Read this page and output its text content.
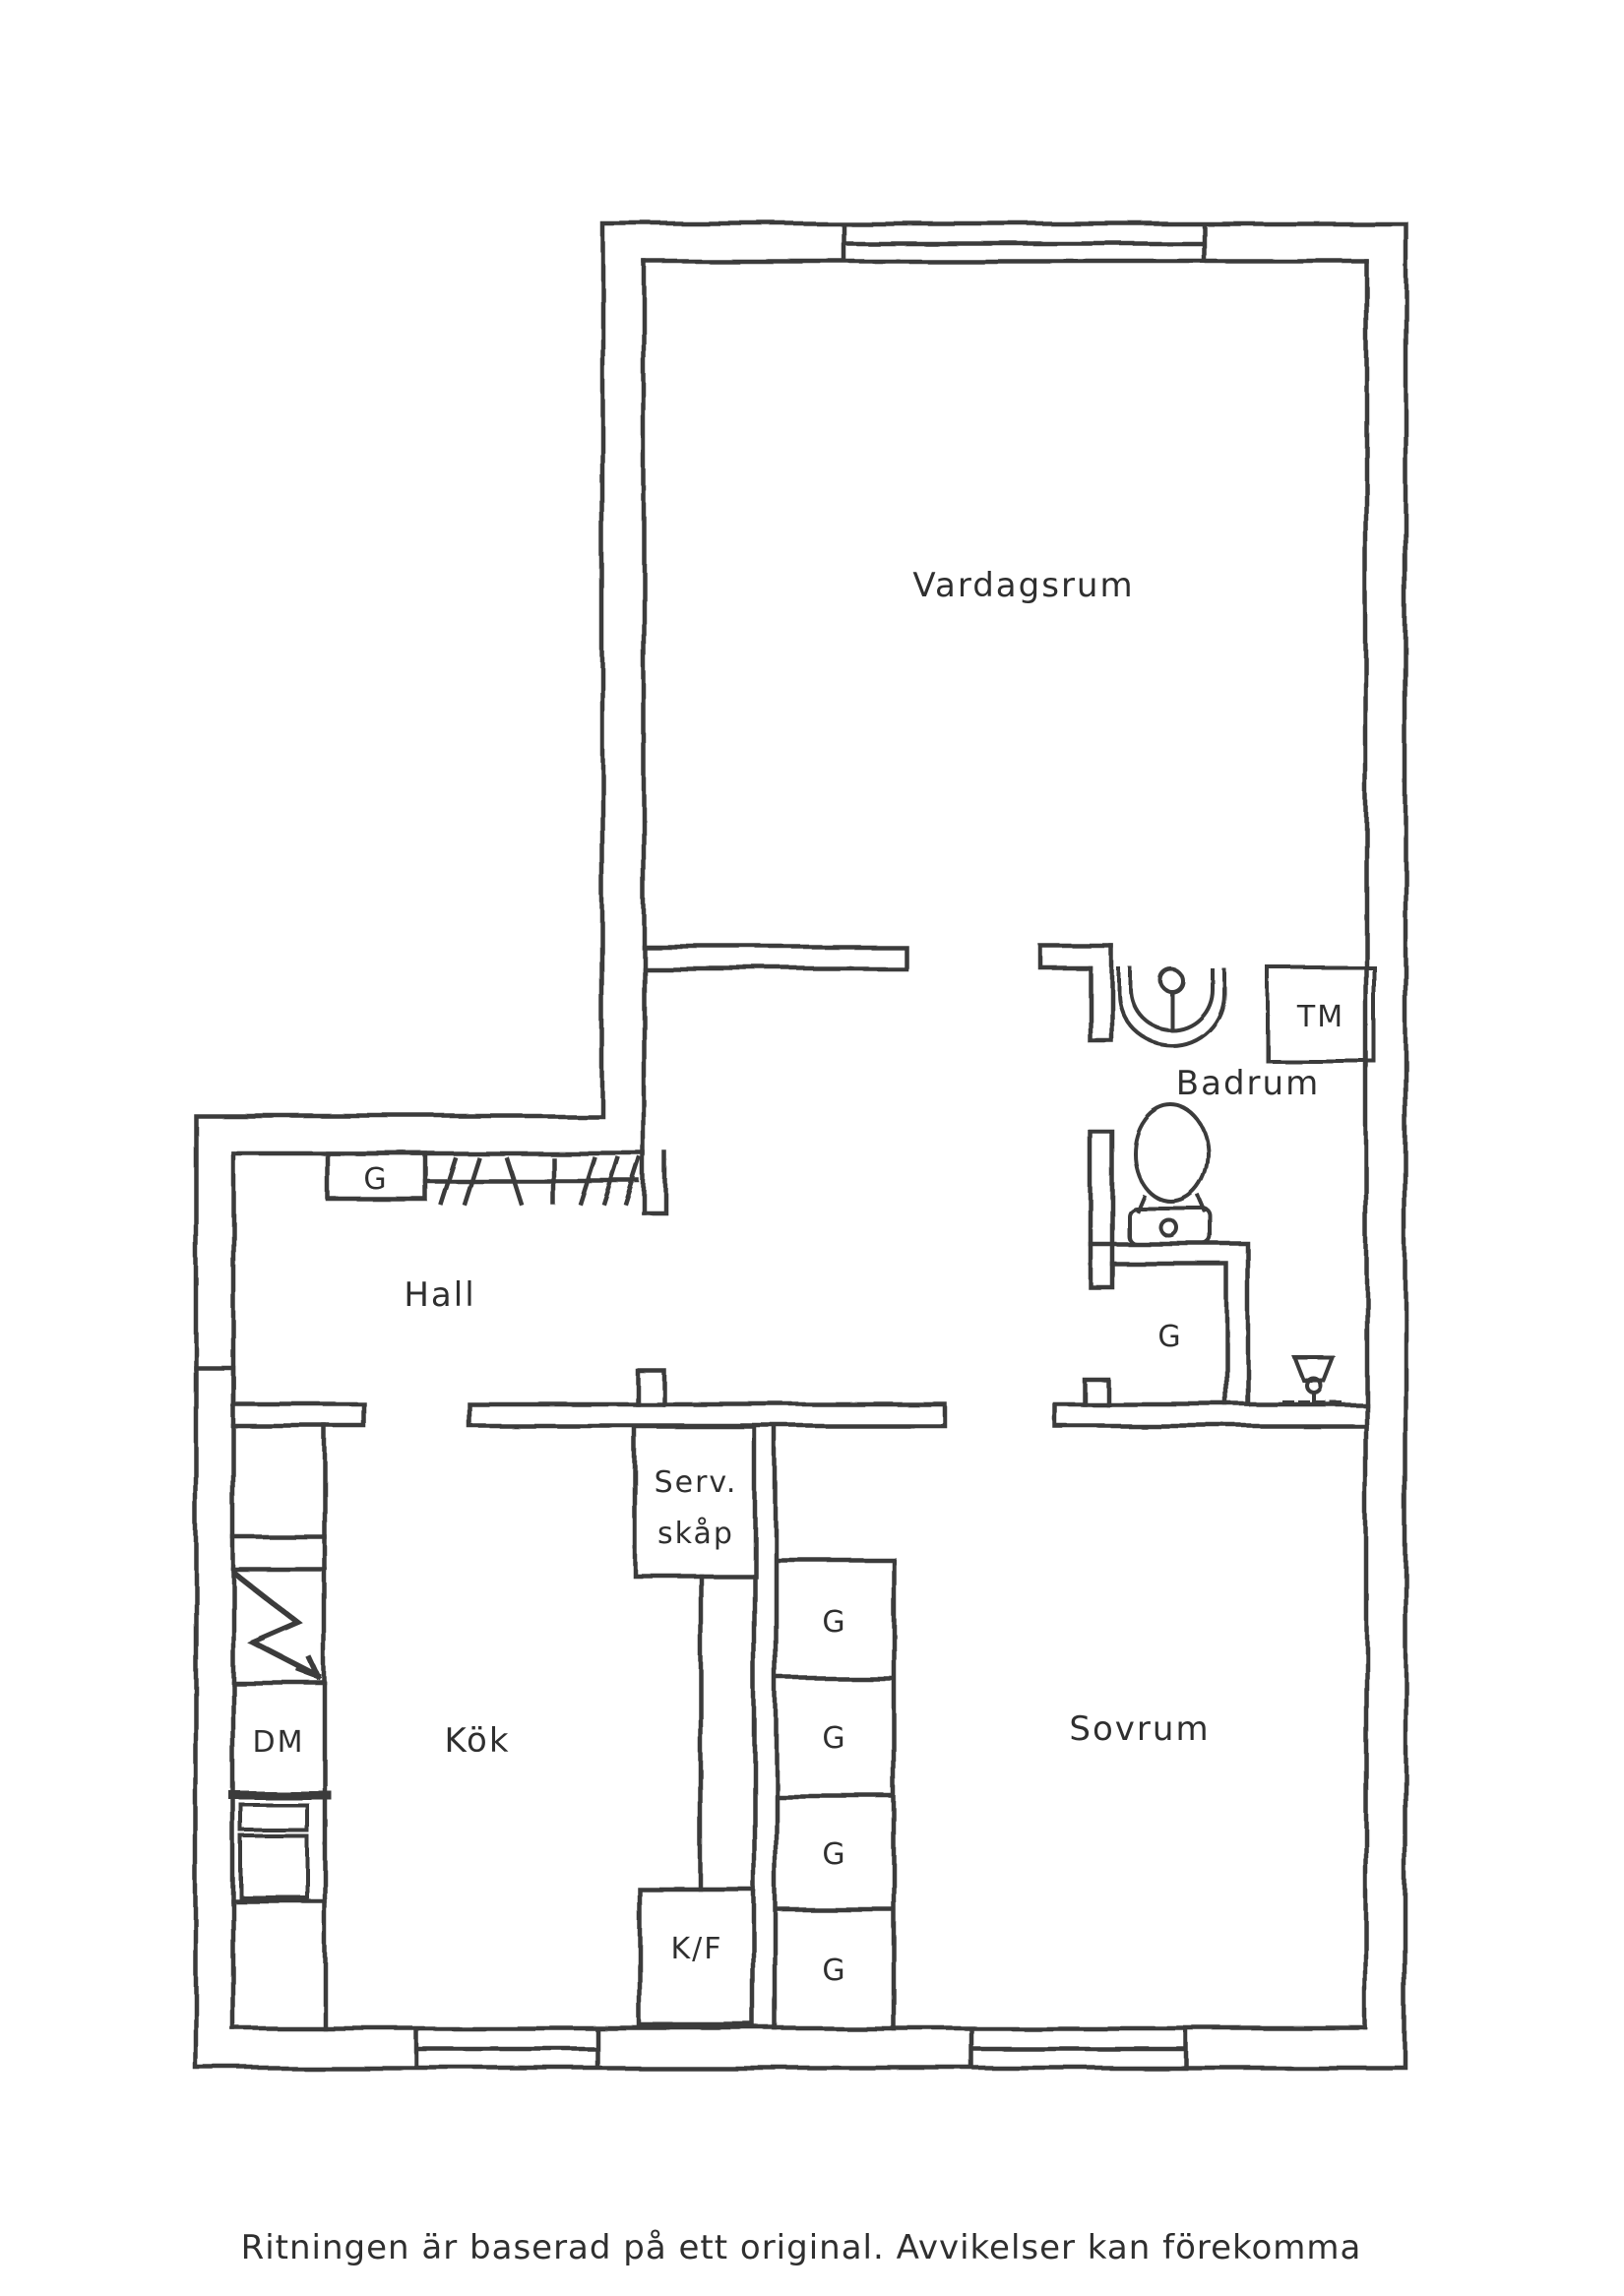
Vardagsrum
Badrum
TM
Hall
G
G
Serv.
skåp
Kök
DM
K/F
G
G
G
G
Sovrum
Ritningen är baserad på ett original. Avvikelser kan förekomma
